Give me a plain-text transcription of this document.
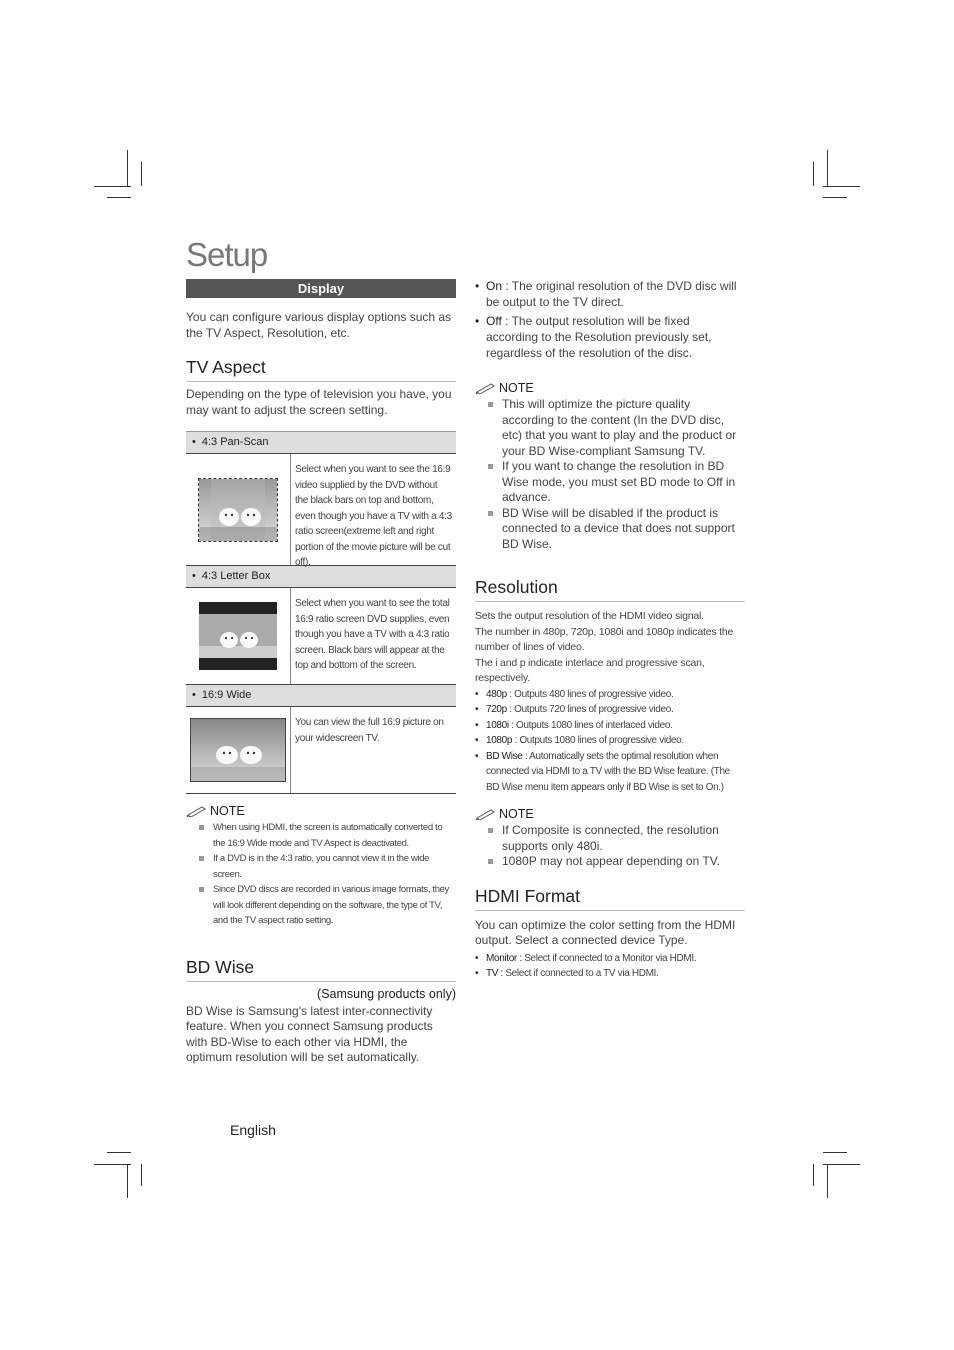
Setup
Display

You can configure various display options such as the TV Aspect, Resolution, etc.

TV Aspect

Depending on the type of television you have, you may want to adjust the screen setting.

• 4:3 Pan-Scan
Select when you want to see the 16:9 video supplied by the DVD without the black bars on top and bottom, even though you have a TV with a 4:3 ratio screen(extreme left and right portion of the movie picture will be cut off).
• 4:3 Letter Box
Select when you want to see the total 16:9 ratio screen DVD supplies, even though you have a TV with a 4:3 ratio screen. Black bars will appear at the top and bottom of the screen.
• 16:9 Wide
You can view the full 16:9 picture on your widescreen TV.
NOTE
When using HDMI, the screen is automatically converted to the 16:9 Wide mode and TV Aspect is deactivated.
If a DVD is in the 4:3 ratio, you cannot view it in the wide screen.
Since DVD discs are recorded in various image formats, they will look different depending on the software, the type of TV, and the TV aspect ratio setting.
BD Wise
(Samsung products only)

BD Wise is Samsung's latest inter-connectivity feature. When you connect Samsung products with BD-Wise to each other via HDMI, the optimum resolution will be set automatically.

• On : The original resolution of the DVD disc will be output to the TV direct.
• Off : The output resolution will be fixed according to the Resolution previously set, regardless of the resolution of the disc.
NOTE
This will optimize the picture quality according to the content (In the DVD disc, etc) that you want to play and the product or your BD Wise-compliant Samsung TV.
If you want to change the resolution in BD Wise mode, you must set BD mode to Off in advance.
BD Wise will be disabled if the product is connected to a device that does not support BD Wise.
Resolution

Sets the output resolution of the HDMI video signal.

The number in 480p, 720p, 1080i and 1080p indicates the number of lines of video.

The i and p indicate interlace and progressive scan, respectively.

• 480p : Outputs 480 lines of progressive video.
• 720p : Outputs 720 lines of progressive video.
• 1080i : Outputs 1080 lines of interlaced video.
• 1080p : Outputs 1080 lines of progressive video.
• BD Wise : Automatically sets the optimal resolution when connected via HDMI to a TV with the BD Wise feature. (The BD Wise menu item appears only if BD Wise is set to On.)
NOTE
If Composite is connected, the resolution supports only 480i.
1080P may not appear depending on TV.
HDMI Format

You can optimize the color setting from the HDMI output. Select a connected device Type.

• Monitor : Select if connected to a Monitor via HDMI.
• TV : Select if connected to a TV via HDMI.
English
